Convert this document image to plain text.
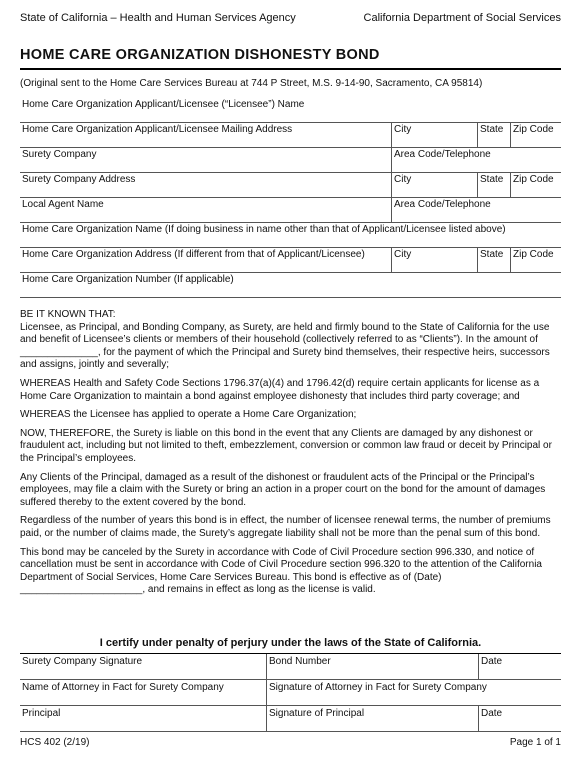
State of California – Health and Human Services Agency	California Department of Social Services
HOME CARE ORGANIZATION DISHONESTY BOND
(Original sent to the Home Care Services Bureau at 744 P Street, M.S. 9-14-90, Sacramento, CA 95814)
Home Care Organization Applicant/Licensee (“Licensee”) Name
Home Care Organization Applicant/Licensee Mailing Address	City	State Zip Code
Surety Company	Area Code/Telephone
Surety Company Address	City	State Zip Code
Local Agent Name	Area Code/Telephone
Home Care Organization Name (If doing business in name other than that of Applicant/Licensee listed above)
Home Care Organization Address (If different from that of Applicant/Licensee)	City	State Zip Code
Home Care Organization Number (If applicable)
BE IT KNOWN THAT:

Licensee, as Principal, and Bonding Company, as Surety, are held and firmly bound to the State of California for the use and benefit of Licensee’s clients or members of their household (collectively referred to as “Clients”). In the amount of ______________, for the payment of which the Principal and Surety bind themselves, their respective heirs, successors and assigns, jointly and severally;

WHEREAS Health and Safety Code Sections 1796.37(a)(4) and 1796.42(d) require certain applicants for license as a Home Care Organization to maintain a bond against employee dishonesty that includes third party coverage; and

WHEREAS the Licensee has applied to operate a Home Care Organization;

NOW, THEREFORE, the Surety is liable on this bond in the event that any Clients are damaged by any dishonest or fraudulent act, including but not limited to theft, embezzlement, conversion or common law fraud or deceit by Principal or the Principal’s employees.

Any Clients of the Principal, damaged as a result of the dishonest or fraudulent acts of the Principal or the Principal’s employees, may file a claim with the Surety or bring an action in a proper court on the bond for the amount of damages suffered thereby to the extent covered by the bond.

Regardless of the number of years this bond is in effect, the number of licensee renewal terms, the number of premiums paid, or the number of claims made, the Surety’s aggregate liability shall not be more than the penal sum of this bond.

This bond may be canceled by the Surety in accordance with Code of Civil Procedure section 996.330, and notice of cancellation must be sent in accordance with Code of Civil Procedure section 996.320 to the attention of the California Department of Social Services, Home Care Services Bureau. This bond is effective as of (Date) ______________________, and remains in effect as long as the license is valid.

I certify under penalty of perjury under the laws of the State of California.
Surety Company Signature	Bond Number	Date
Name of Attorney in Fact for Surety Company	Signature of Attorney in Fact for Surety Company
Principal	Signature of Principal	Date
HCS 402 (2/19)	Page 1 of 1
